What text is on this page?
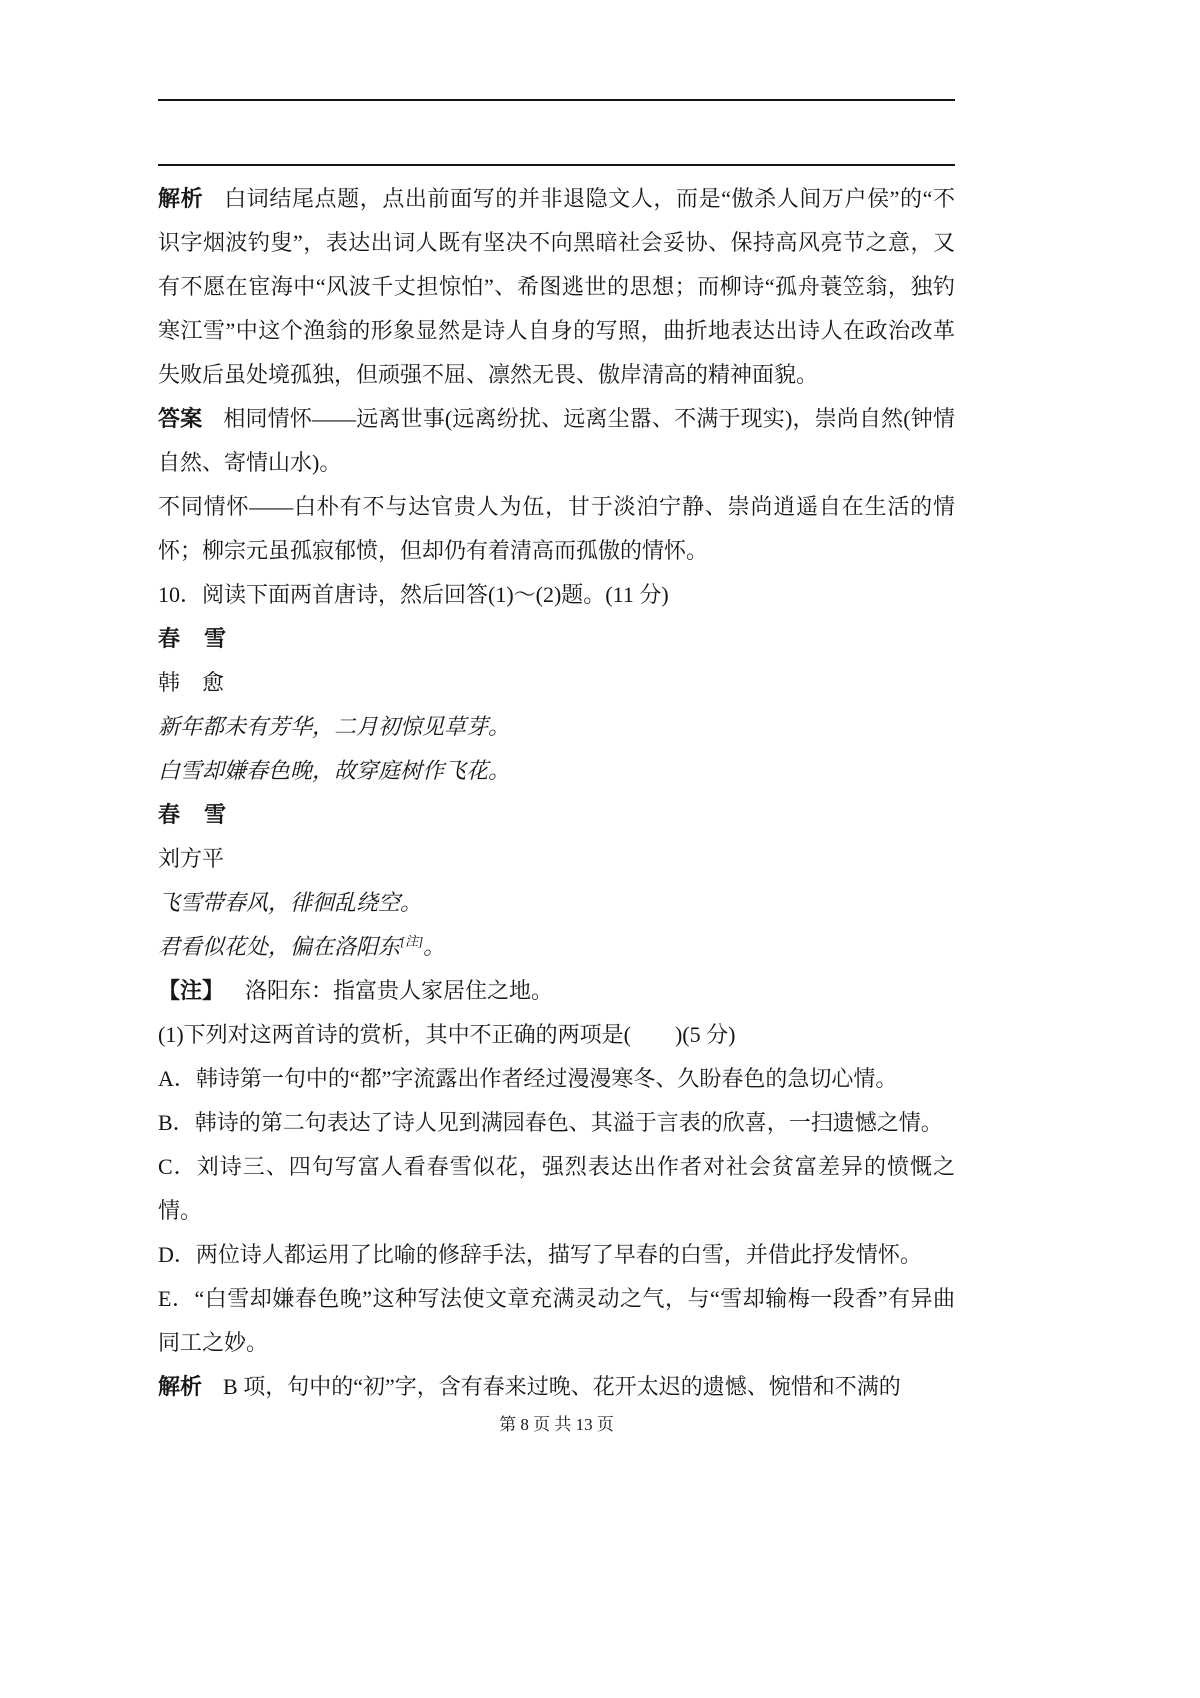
解析 白词结尾点题，点出前面写的并非退隐文人，而是“傲杀人间万户侯”的“不识字烟波钓叟”，表达出词人既有坚决不向黑暗社会妥协、保持高风亮节之意，又有不愿在宦海中“风波千丈担惊怕”、希图逃世的思想；而柳诗“孤舟蓑笠翁，独钓寒江雪”中这个渔翁的形象显然是诗人自身的写照，曲折地表达出诗人在政治改革失败后虽处境孤独，但顽强不屈、凛然无畏、傲岸清高的精神面貌。

答案 相同情怀——远离世事(远离纷扰、远离尘嚣、不满于现实)，崇尚自然(钟情自然、寄情山水)。

不同情怀——白朴有不与达官贵人为伍，甘于淡泊宁静、崇尚逍遥自在生活的情怀；柳宗元虽孤寂郁愤，但却仍有着清高而孤傲的情怀。

10．阅读下面两首唐诗，然后回答(1)～(2)题。(11 分)

春　雪

韩　愈

新年都未有芳华，二月初惊见草芽。

白雪却嫌春色晚，故穿庭树作飞花。

春　雪

刘方平

飞雪带春风，徘徊乱绕空。

君看似花处，偏在洛阳东[注]。

【注】 洛阳东：指富贵人家居住之地。

(1)下列对这两首诗的赏析，其中不正确的两项是(　　)(5 分)

A．韩诗第一句中的“都”字流露出作者经过漫漫寒冬、久盼春色的急切心情。

B．韩诗的第二句表达了诗人见到满园春色、其溢于言表的欣喜，一扫遗憾之情。

C．刘诗三、四句写富人看春雪似花，强烈表达出作者对社会贫富差异的愤慨之情。

D．两位诗人都运用了比喻的修辞手法，描写了早春的白雪，并借此抒发情怀。

E．“白雪却嫌春色晚”这种写法使文章充满灵动之气，与“雪却输梅一段香”有异曲同工之妙。

解析 B 项，句中的“初”字，含有春来过晚、花开太迟的遗憾、惋惜和不满的

第 8 页 共 13 页
